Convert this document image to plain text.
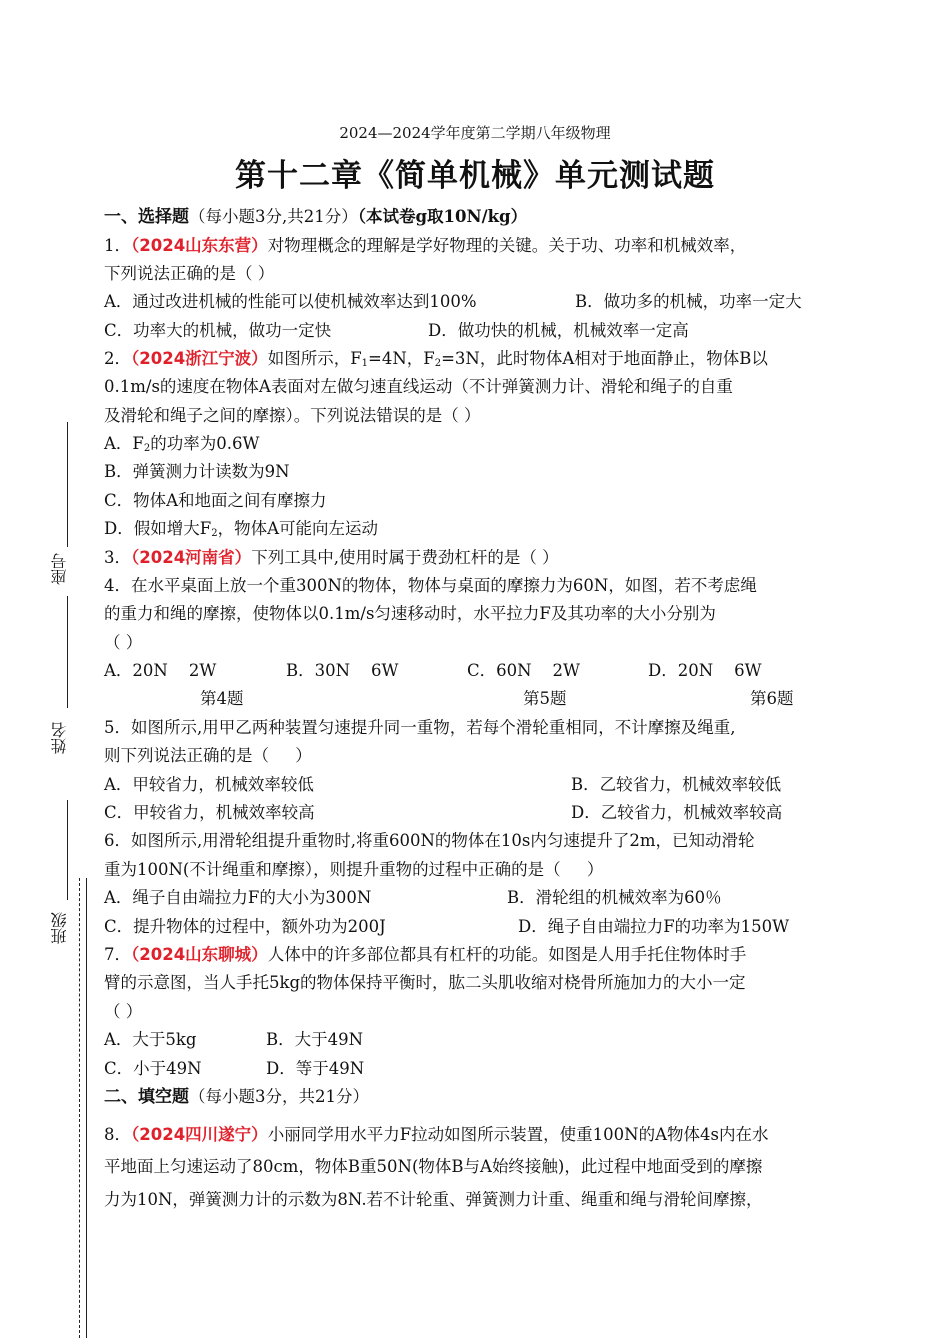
座号
姓名
班级
2024—2024学年度第二学期八年级物理
第十二章《简单机械》单元测试题
一、选择题（每小题3分,共21分）（本试卷g取10N/kg）
1．（2024山东东营）对物理概念的理解是学好物理的关键。关于功、功率和机械效率，
下列说法正确的是（ ）
A．通过改进机械的性能可以使机械效率达到100%	B．做功多的机械，功率一定大
C．功率大的机械，做功一定快	D．做功快的机械，机械效率一定高
2．（2024浙江宁波）如图所示，$F_1=4N$，$F_2=3N$，此时物体A相对于地面静止，物体B以
0.1m/s的速度在物体A表面对左做匀速直线运动（不计弹簧测力计、滑轮和绳子的自重
及滑轮和绳子之间的摩擦）。下列说法错误的是（ ）
A．$F_2$的功率为0.6W
B．弹簧测力计读数为9N
C．物体A和地面之间有摩擦力
D．假如增大$F_2$，物体A可能向左运动
3．（2024河南省）下列工具中,使用时属于费劲杠杆的是（ ）
4．在水平桌面上放一个重300N的物体，物体与桌面的摩擦力为60N，如图，若不考虑绳
的重力和绳的摩擦，使物体以0.1m/s匀速移动时，水平拉力F及其功率的大小分别为
（ ）
A．20N    2W	B．30N    6W	C．60N    2W	D．20N    6W
第4题	第5题	第6题
5．如图所示,用甲乙两种装置匀速提升同一重物，若每个滑轮重相同，不计摩擦及绳重,
则下列说法正确的是（     ）
A．甲较省力，机械效率较低	B．乙较省力，机械效率较低
C．甲较省力，机械效率较高	D．乙较省力，机械效率较高
6．如图所示,用滑轮组提升重物时,将重600N的物体在10s内匀速提升了2m，已知动滑轮
重为100N(不计绳重和摩擦），则提升重物的过程中正确的是（     ）
A．绳子自由端拉力F的大小为300N	B．滑轮组的机械效率为60％
C．提升物体的过程中，额外功为200J	D．绳子自由端拉力F的功率为150W
7．（2024山东聊城）人体中的许多部位都具有杠杆的功能。如图是人用手托住物体时手
臂的示意图，当人手托5kg的物体保持平衡时，肱二头肌收缩对桡骨所施加力的大小一定
（ ）
A．大于5kg	B．大于49N
C．小于49N	D．等于49N
二、填空题（每小题3分，共21分）
8．（2024四川遂宁）小丽同学用水平力F拉动如图所示装置，使重100N的A物体4s内在水
平地面上匀速运动了80cm，物体B重50N(物体B与A始终接触)，此过程中地面受到的摩擦
力为10N，弹簧测力计的示数为8N.若不计轮重、弹簧测力计重、绳重和绳与滑轮间摩擦，
